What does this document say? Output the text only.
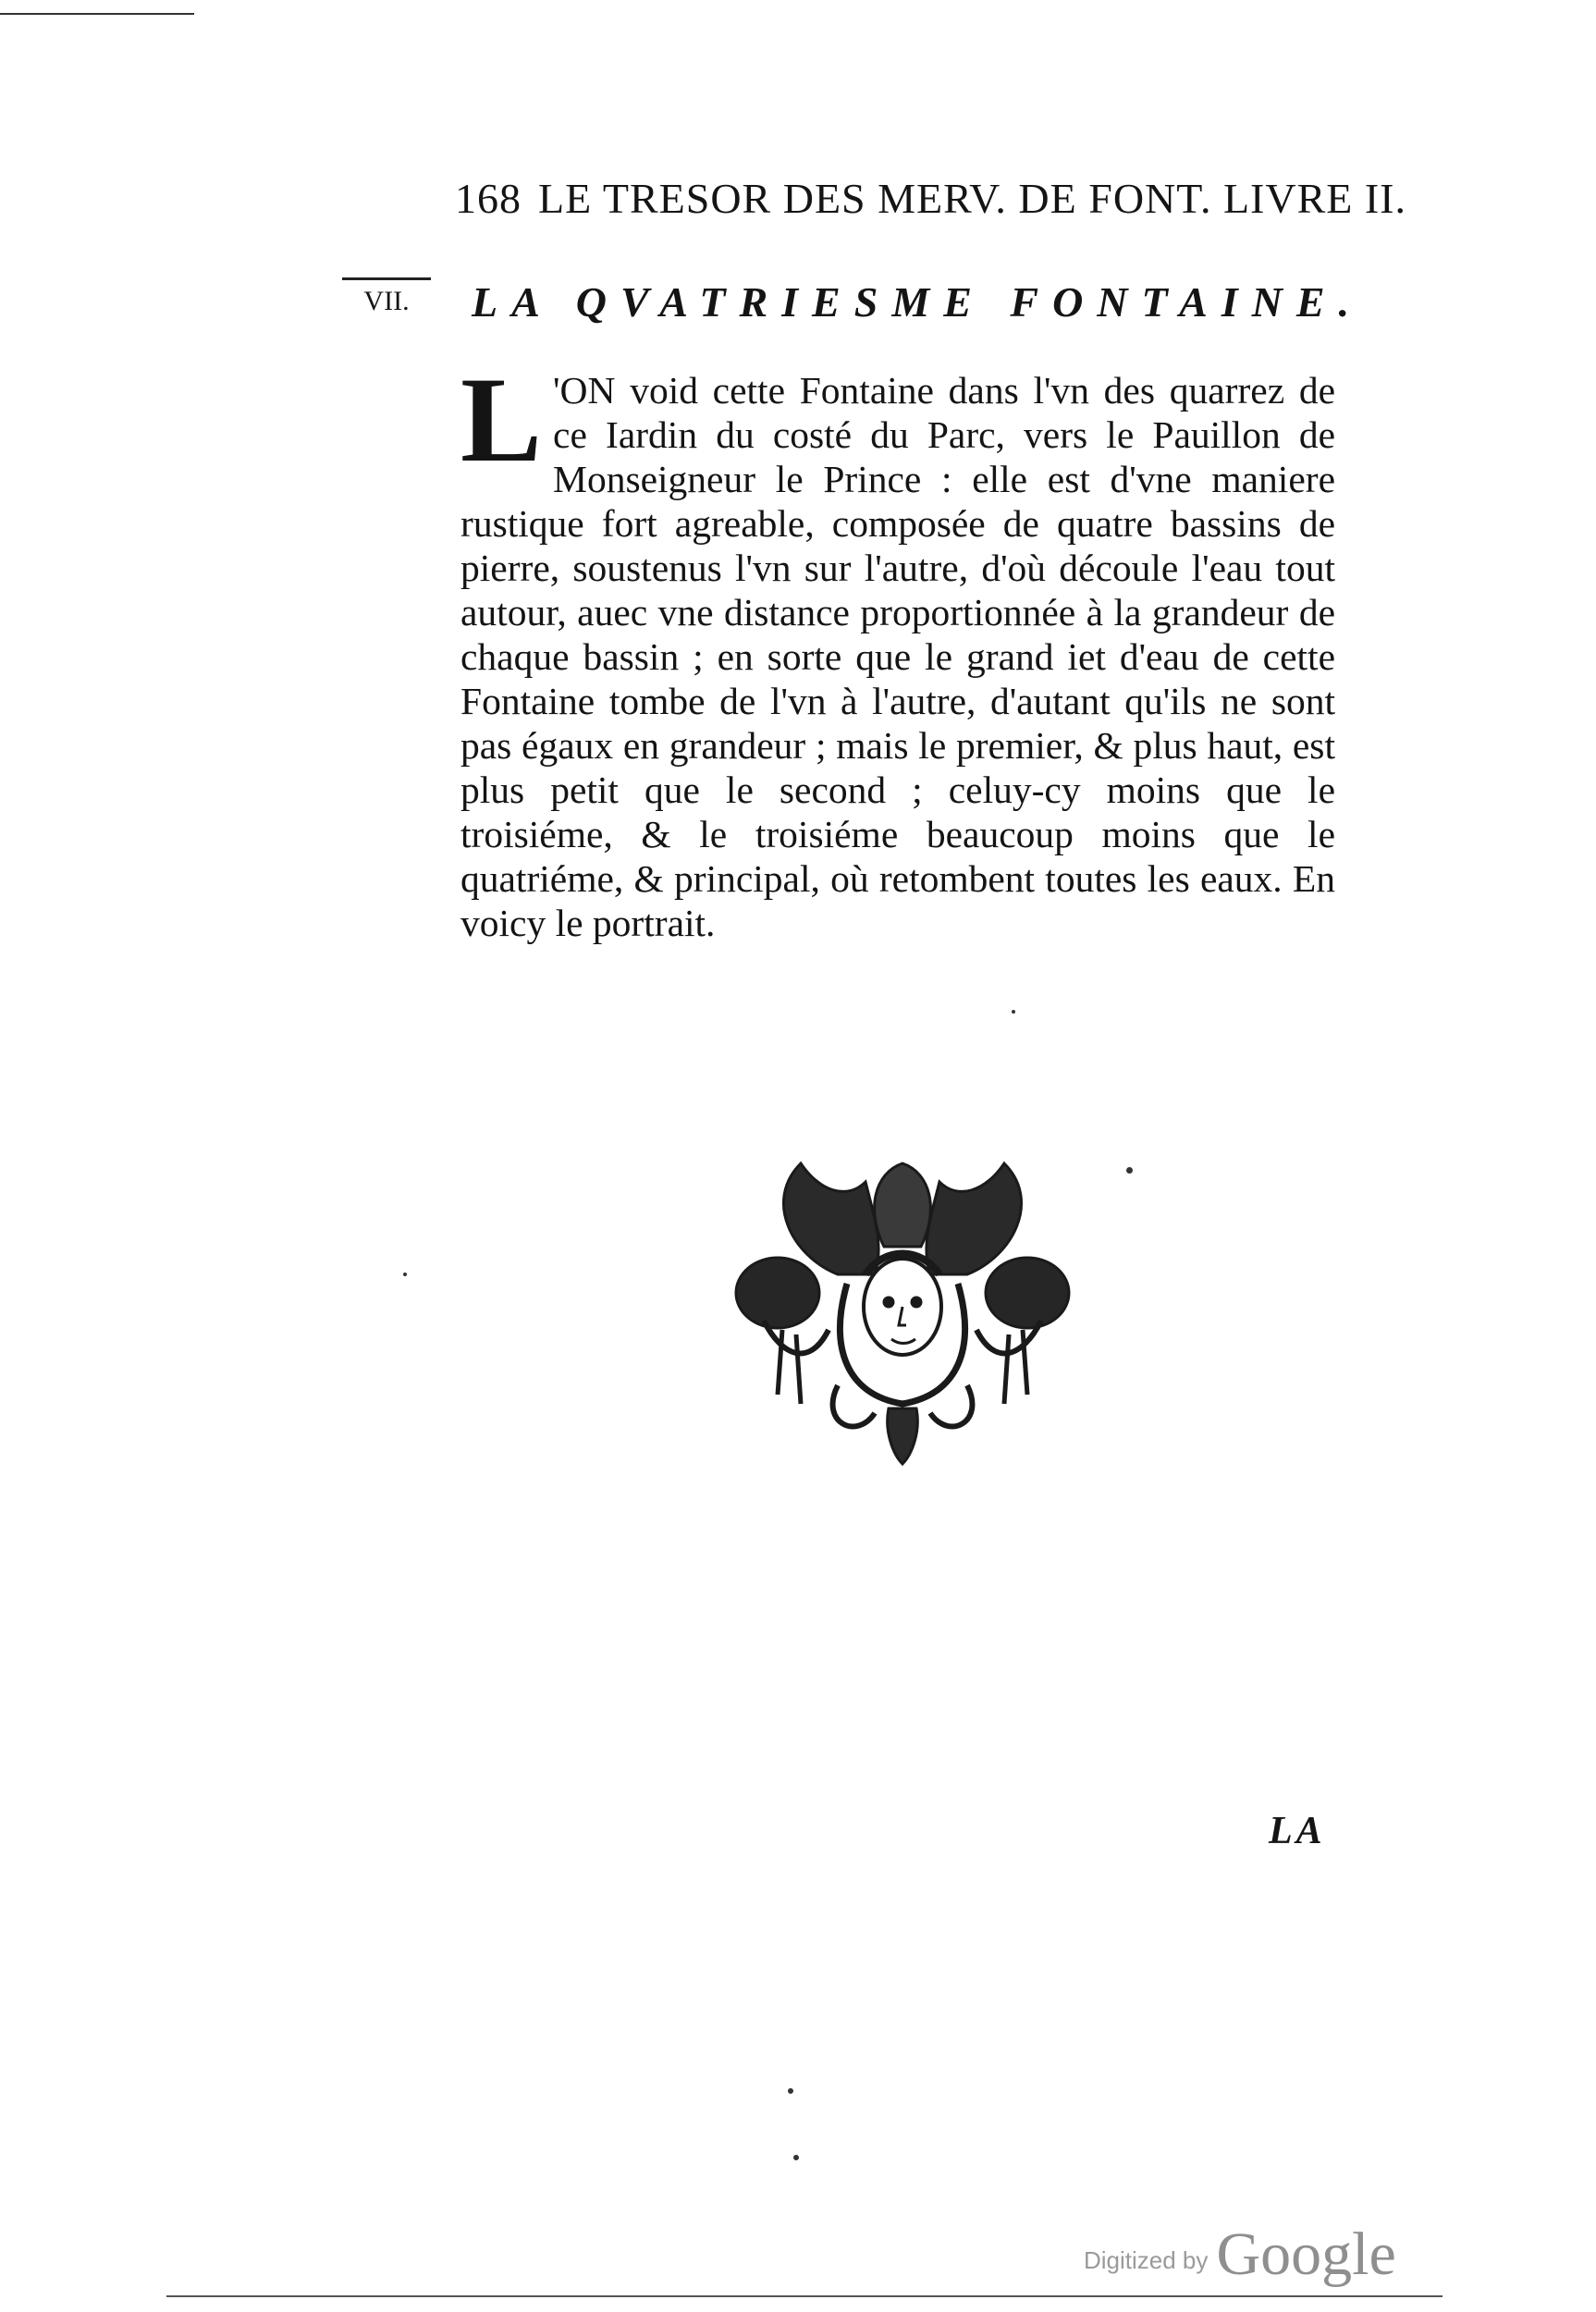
168 LE TRESOR DES MERV. DE FONT. LIVRE II.
VII.	LA QVATRIESME FONTAINE.
L 'ON void cette Fontaine dans l'vn des quarrez de ce Iardin du costé du Parc, vers le Pauillon de Monseigneur le Prince : elle est d'vne maniere rustique fort agreable, composée de quatre bassins de pierre, soustenus l'vn sur l'autre, d'où découle l'eau tout autour, auec vne distance proportionnée à la grandeur de chaque bassin ; en sorte que le grand iet d'eau de cette Fontaine tombe de l'vn à l'autre, d'autant qu'ils ne sont pas égaux en grandeur ; mais le premier, & plus haut, est plus petit que le second ; celuy-cy moins que le troisiéme, & le troisiéme beaucoup moins que le quatriéme, & principal, où retombent toutes les eaux. En voicy le portrait.
LA
Digitized by Google
